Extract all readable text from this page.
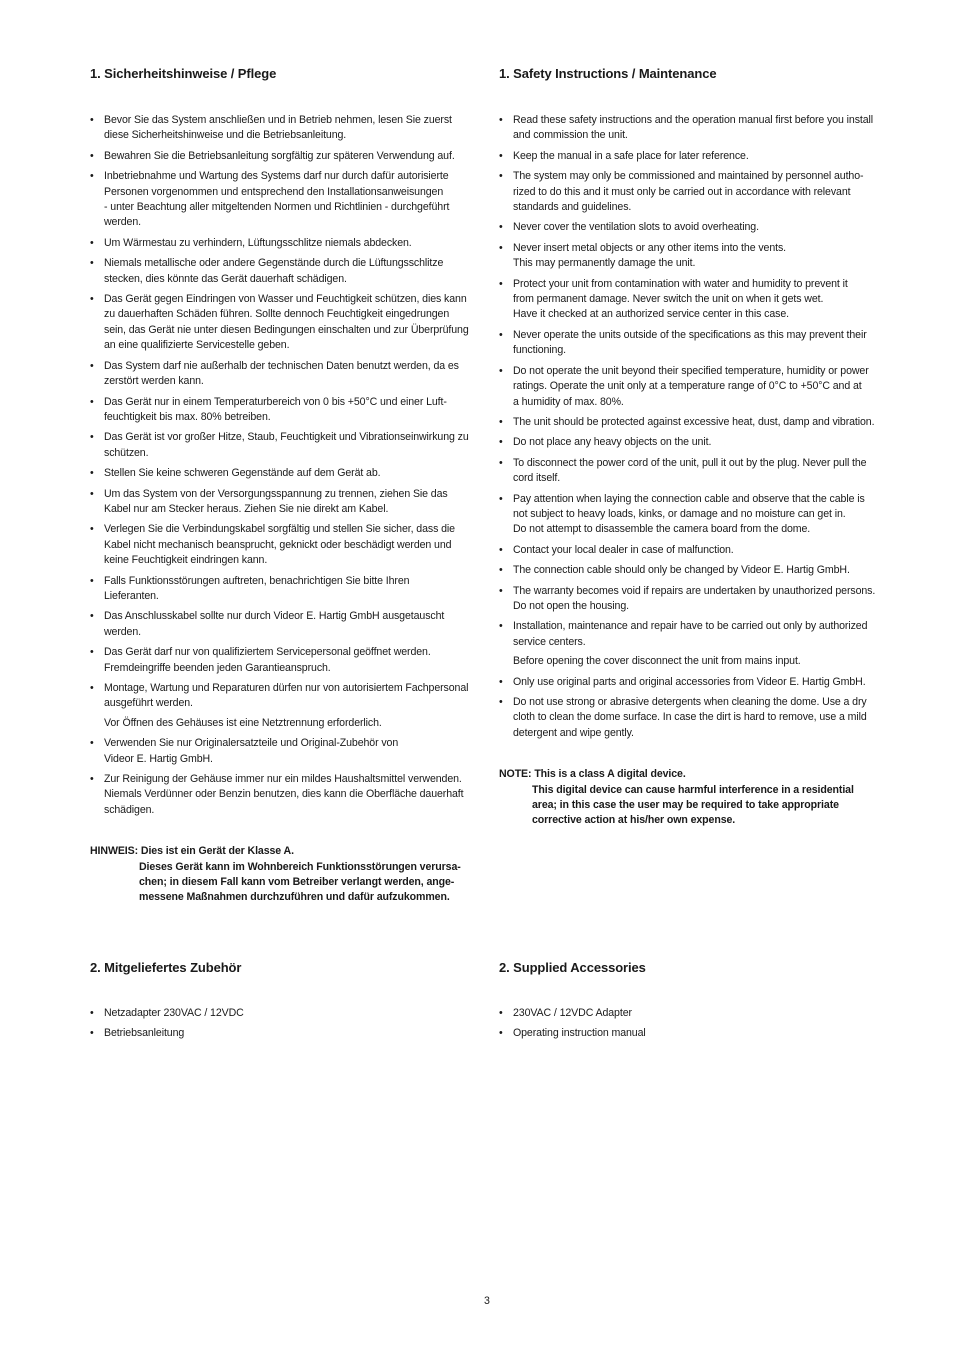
1. Sicherheitshinweise / Pflege
• Bevor Sie das System anschließen und in Betrieb nehmen, lesen Sie zuerst
diese Sicherheitshinweise und die Betriebsanleitung.
• Bewahren Sie die Betriebsanleitung sorgfältig zur späteren Verwendung auf.
• Inbetriebnahme und Wartung des Systems darf nur durch dafür autorisierte
Personen vorgenommen und entsprechend den Installationsanweisungen
- unter Beachtung aller mitgeltenden Normen und Richtlinien - durchgeführt
werden.
• Um Wärmestau zu verhindern, Lüftungsschlitze niemals abdecken.
• Niemals metallische oder andere Gegenstände durch die Lüftungsschlitze
stecken, dies könnte das Gerät dauerhaft schädigen.
• Das Gerät gegen Eindringen von Wasser und Feuchtigkeit schützen, dies kann
zu dauerhaften Schäden führen. Sollte dennoch Feuchtigkeit eingedrungen
sein, das Gerät nie unter diesen Bedingungen einschalten und zur Überprüfung
an eine qualifizierte Servicestelle geben.
• Das System darf nie außerhalb der technischen Daten benutzt werden, da es
zerstört werden kann.
• Das Gerät nur in einem Temperaturbereich von 0 bis +50°C und einer Luft-
feuchtigkeit bis max. 80% betreiben.
• Das Gerät ist vor großer Hitze, Staub, Feuchtigkeit und Vibrationseinwirkung zu
schützen.
• Stellen Sie keine schweren Gegenstände auf dem Gerät ab.
• Um das System von der Versorgungsspannung zu trennen, ziehen Sie das
Kabel nur am Stecker heraus. Ziehen Sie nie direkt am Kabel.
• Verlegen Sie die Verbindungskabel sorgfältig und stellen Sie sicher, dass die
Kabel nicht mechanisch beansprucht, geknickt oder beschädigt werden und
keine Feuchtigkeit eindringen kann.
• Falls Funktionsstörungen auftreten, benachrichtigen Sie bitte Ihren
Lieferanten.
• Das Anschlusskabel sollte nur durch Videor E. Hartig GmbH ausgetauscht
werden.
• Das Gerät darf nur von qualifiziertem Servicepersonal geöffnet werden.
Fremdeingriffe beenden jeden Garantieanspruch.
• Montage, Wartung und Reparaturen dürfen nur von autorisiertem Fachpersonal
ausgeführt werden.
Vor Öffnen des Gehäuses ist eine Netztrennung erforderlich.
• Verwenden Sie nur Originalersatzteile und Original-Zubehör von
Videor E. Hartig GmbH.
• Zur Reinigung der Gehäuse immer nur ein mildes Haushaltsmittel verwenden.
Niemals Verdünner oder Benzin benutzen, dies kann die Oberfläche dauerhaft
schädigen.
HINWEIS: Dies ist ein Gerät der Klasse A.
Dieses Gerät kann im Wohnbereich Funktionsstörungen verursa-
chen; in diesem Fall kann vom Betreiber verlangt werden, ange-
messene Maßnahmen durchzuführen und dafür aufzukommen.
1. Safety Instructions / Maintenance
• Read these safety instructions and the operation manual first before you install
and commission the unit.
• Keep the manual in a safe place for later reference.
• The system may only be commissioned and maintained by personnel autho-
rized to do this and it must only be carried out in accordance with relevant
standards and guidelines.
• Never cover the ventilation slots to avoid overheating.
• Never insert metal objects or any other items into the vents.
This may permanently damage the unit.
• Protect your unit from contamination with water and humidity to prevent it
from permanent damage. Never switch the unit on when it gets wet.
Have it checked at an authorized service center in this case.
• Never operate the units outside of the specifications as this may prevent their
functioning.
• Do not operate the unit beyond their specified temperature, humidity or power
ratings. Operate the unit only at a temperature range of 0°C to +50°C and at
a humidity of max. 80%.
• The unit should be protected against excessive heat, dust, damp and vibration.
• Do not place any heavy objects on the unit.
• To disconnect the power cord of the unit, pull it out by the plug. Never pull the
cord itself.
• Pay attention when laying the connection cable and observe that the cable is
not subject to heavy loads, kinks, or damage and no moisture can get in.
Do not attempt to disassemble the camera board from the dome.
• Contact your local dealer in case of malfunction.
• The connection cable should only be changed by Videor E. Hartig GmbH.
• The warranty becomes void if repairs are undertaken by unauthorized persons.
Do not open the housing.
• Installation, maintenance and repair have to be carried out only by authorized
service centers.
Before opening the cover disconnect the unit from mains input.
• Only use original parts and original accessories from Videor E. Hartig GmbH.
• Do not use strong or abrasive detergents when cleaning the dome. Use a dry
cloth to clean the dome surface. In case the dirt is hard to remove, use a mild
detergent and wipe gently.
NOTE: This is a class A digital device.
This digital device can cause harmful interference in a residential
area; in this case the user may be required to take appropriate
corrective action at his/her own expense.
2. Mitgeliefertes Zubehör
• Netzadapter 230VAC / 12VDC
• Betriebsanleitung
2. Supplied Accessories
• 230VAC / 12VDC Adapter
• Operating instruction manual
3
